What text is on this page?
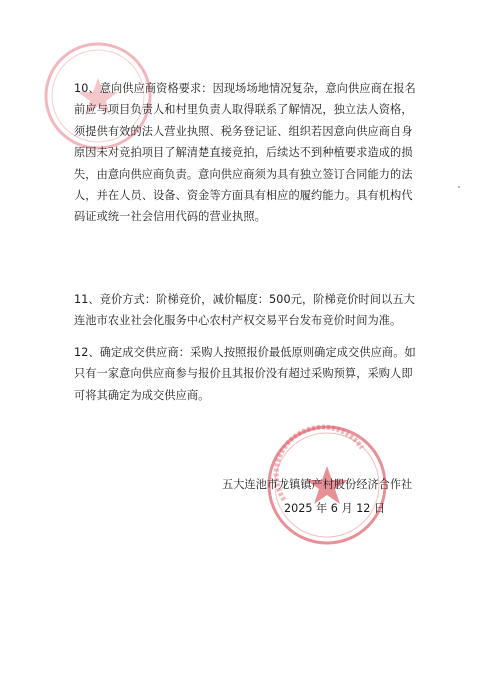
10、意向供应商资格要求：因现场场地情况复杂，意向供应商在报名
前应与项目负责人和村里负责人取得联系了解情况，独立法人资格，
须提供有效的法人营业执照、税务登记证、组织若因意向供应商自身
原因未对竞拍项目了解清楚直接竞拍，后续达不到种植要求造成的损
失，由意向供应商负责。意向供应商须为具有独立签订合同能力的法
人，并在人员、设备、资金等方面具有相应的履约能力。具有机构代
码证或统一社会信用代码的营业执照。
11、竞价方式：阶梯竞价，减价幅度：500元，阶梯竞价时间以五大
连池市农业社会化服务中心农村产权交易平台发布竞价时间为准。
12、确定成交供应商：采购人按照报价最低原则确定成交供应商。如
只有一家意向供应商参与报价且其报价没有超过采购预算，采购人即
可将其确定为成交供应商。
五大连池市龙镇镇产村股份经济合作社
2025 年 6 月 12 日
